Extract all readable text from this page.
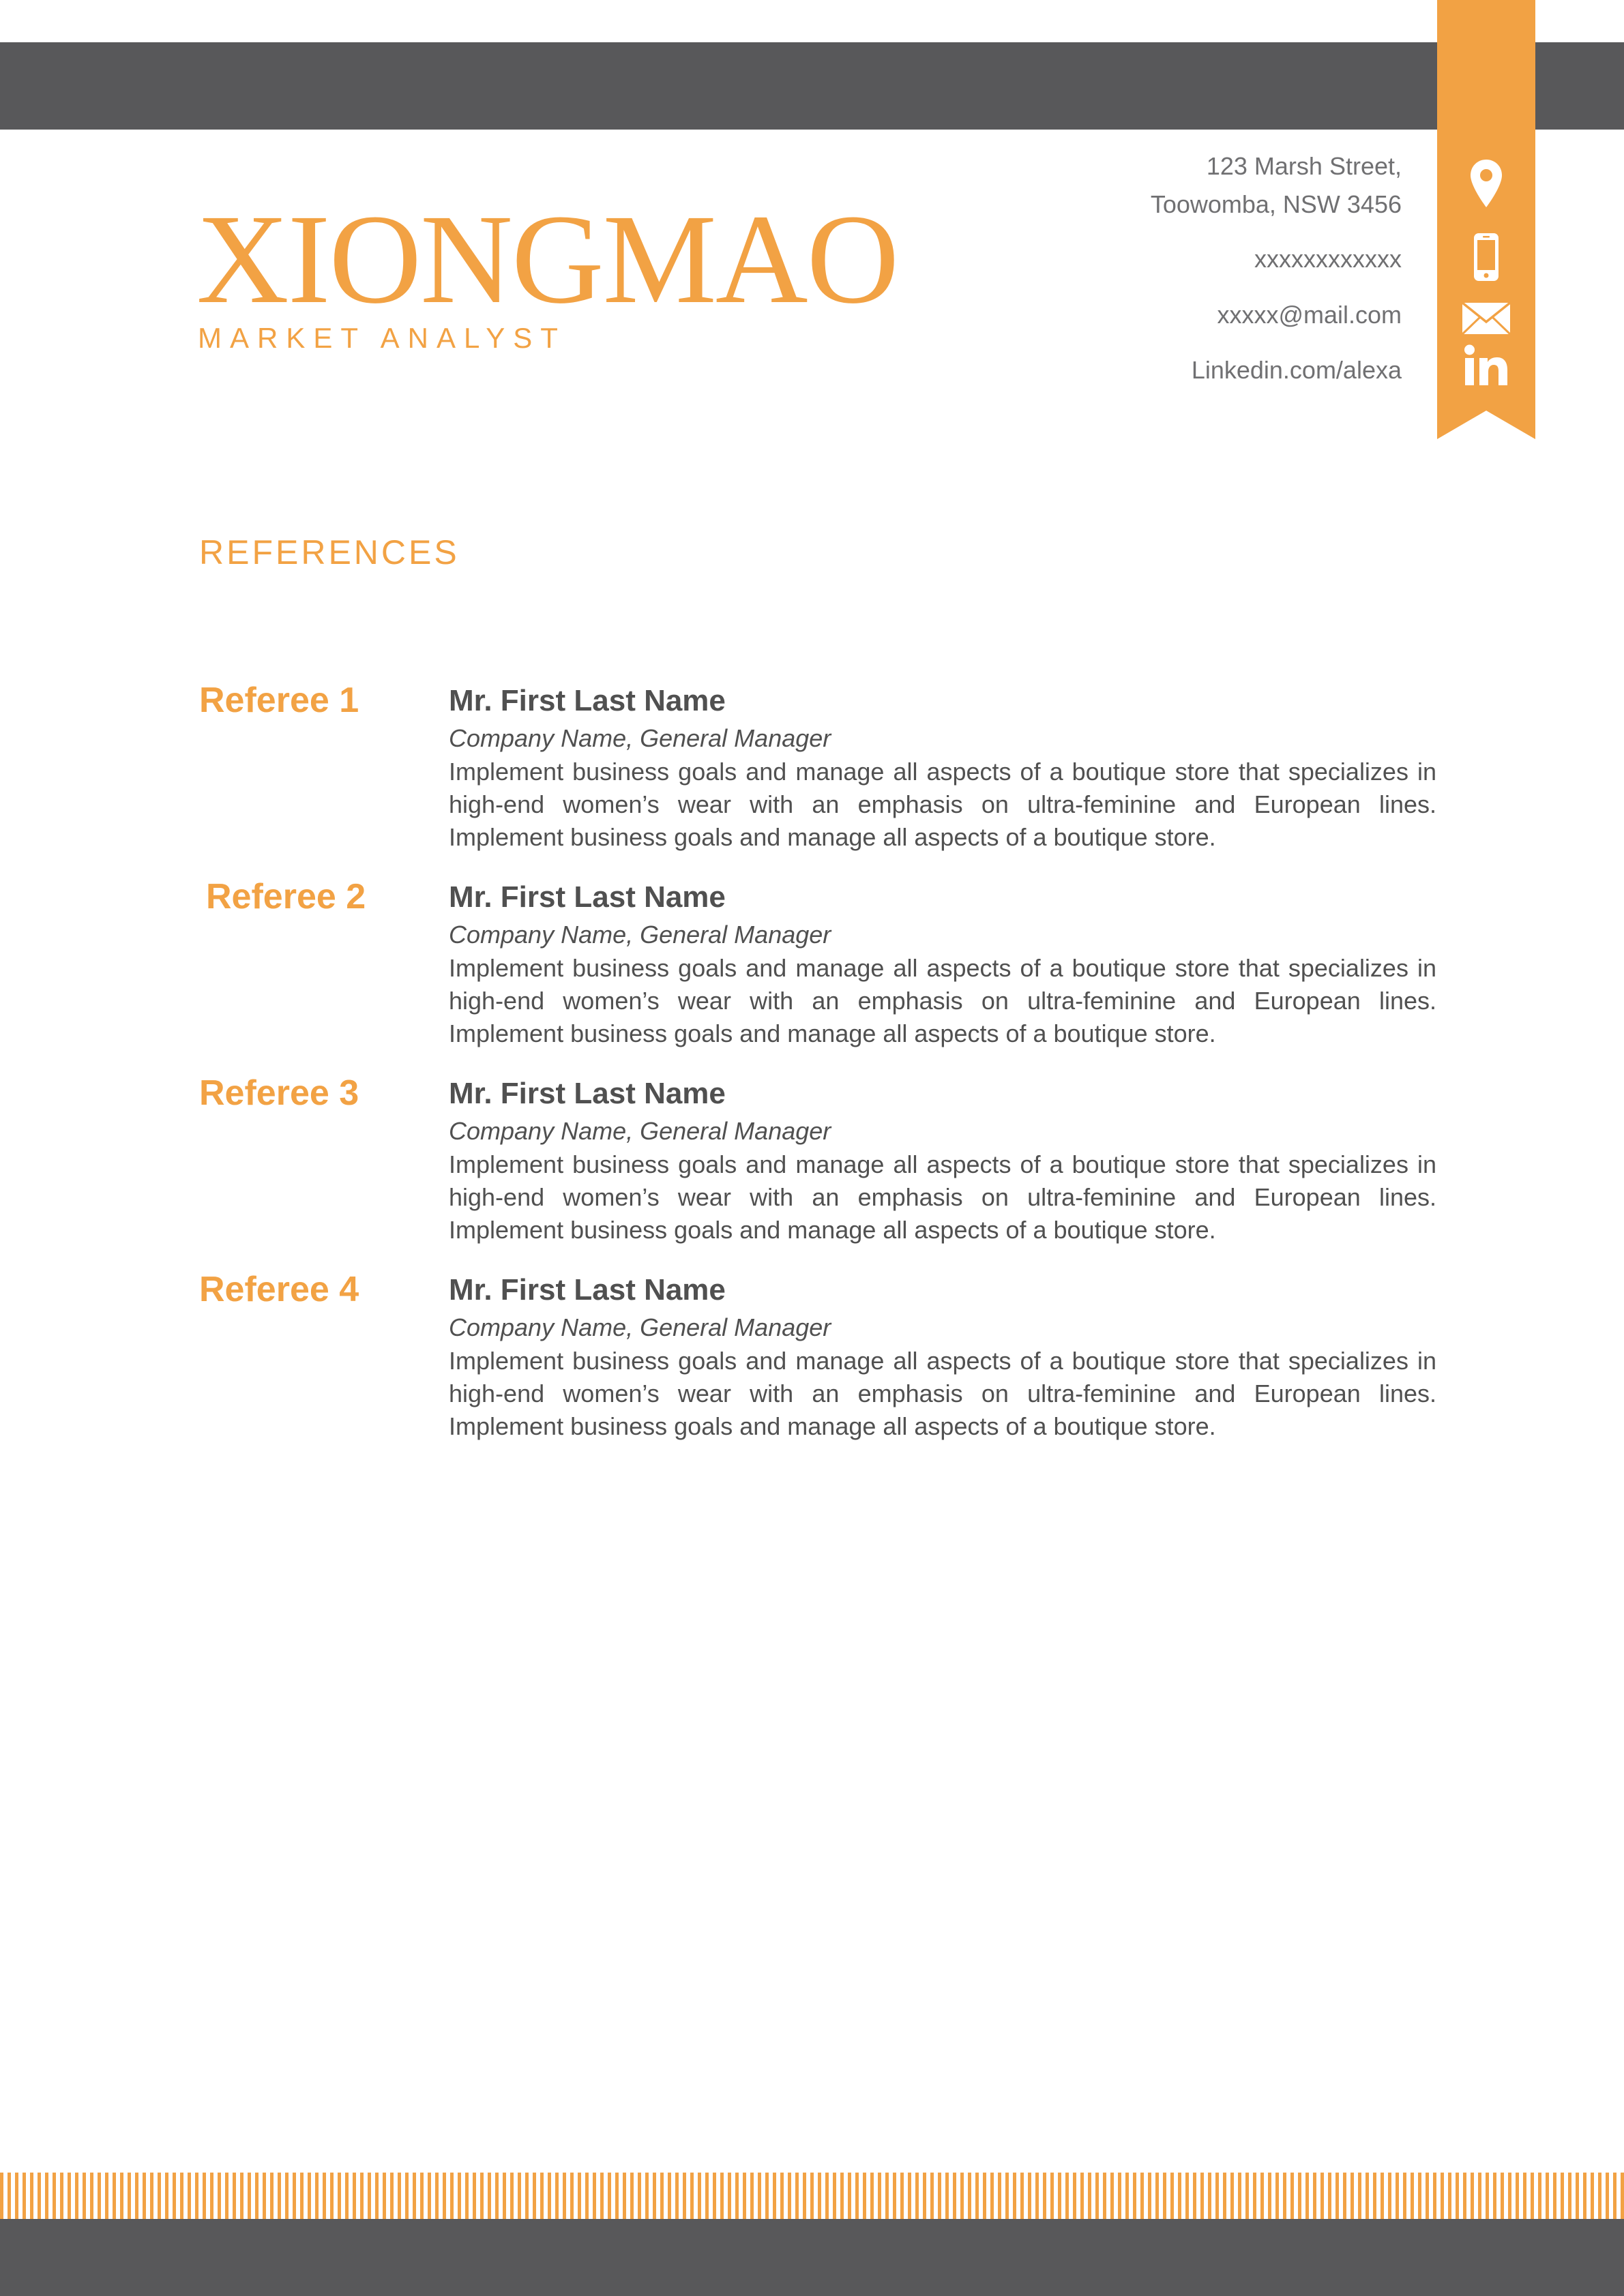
XIONGMAO
MARKET ANALYST
123 Marsh Street,
Toowomba, NSW 3456
xxxxxxxxxxxx
xxxxx@mail.com
Linkedin.com/alexa
REFERENCES
Referee 1	Mr. First Last Name
Company Name, General Manager

Implement business goals and manage all aspects of a boutique store that specializes in high-end women’s wear with an emphasis on ultra-feminine and European lines. Implement business goals and manage all aspects of a boutique store.

Referee 2	Mr. First Last Name
Company Name, General Manager

Implement business goals and manage all aspects of a boutique store that specializes in high-end women’s wear with an emphasis on ultra-feminine and European lines. Implement business goals and manage all aspects of a boutique store.

Referee 3	Mr. First Last Name
Company Name, General Manager

Implement business goals and manage all aspects of a boutique store that specializes in high-end women’s wear with an emphasis on ultra-feminine and European lines. Implement business goals and manage all aspects of a boutique store.

Referee 4	Mr. First Last Name
Company Name, General Manager

Implement business goals and manage all aspects of a boutique store that specializes in high-end women’s wear with an emphasis on ultra-feminine and European lines. Implement business goals and manage all aspects of a boutique store.
